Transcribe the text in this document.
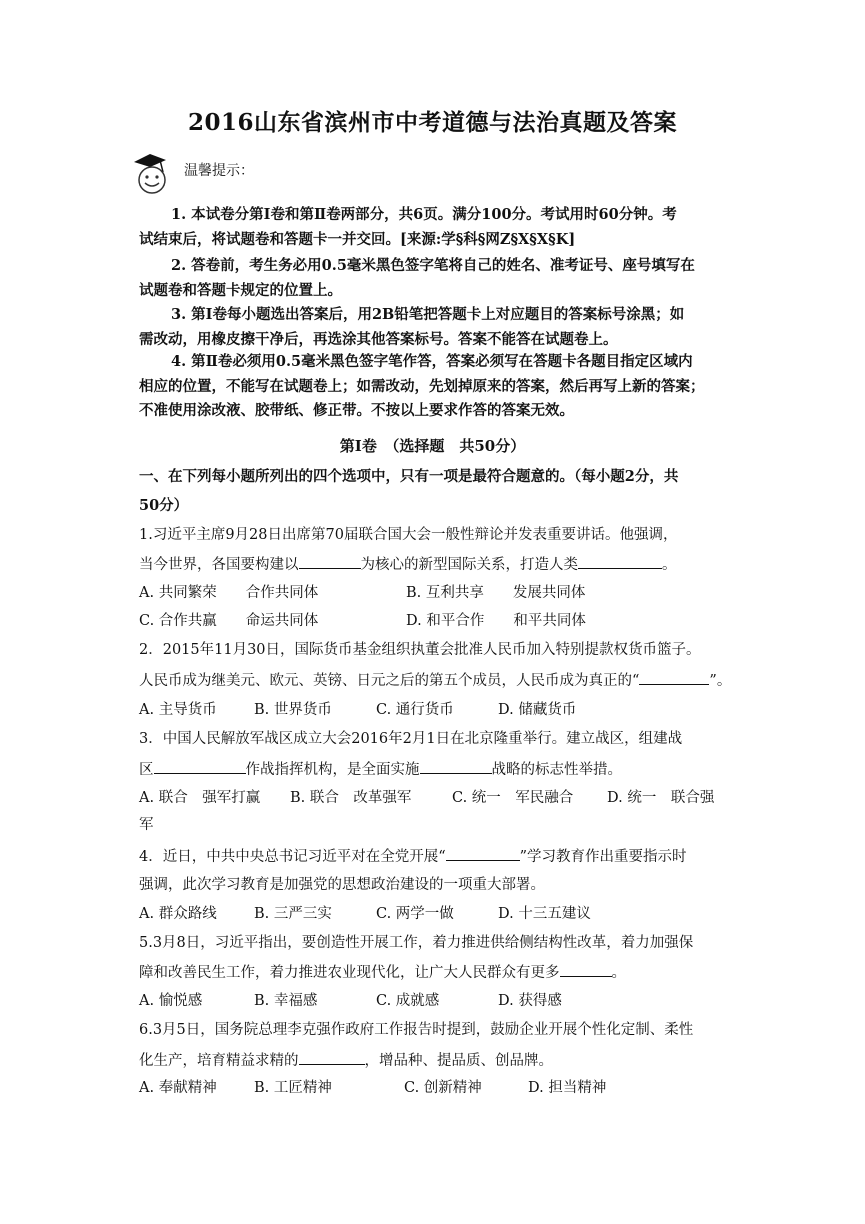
2016山东省滨州市中考道德与法治真题及答案
温馨提示：
1. 本试卷分第Ⅰ卷和第Ⅱ卷两部分，共6页。满分100分。考试用时60分钟。考
试结束后，将试题卷和答题卡一并交回。[来源:学§科§网Z§X§X§K]
2. 答卷前，考生务必用0.5毫米黑色签字笔将自己的姓名、准考证号、座号填写在
试题卷和答题卡规定的位置上。
3. 第Ⅰ卷每小题选出答案后，用2B铅笔把答题卡上对应题目的答案标号涂黑；如
需改动，用橡皮擦干净后，再选涂其他答案标号。答案不能答在试题卷上。
4. 第Ⅱ卷必须用0.5毫米黑色签字笔作答，答案必须写在答题卡各题目指定区域内
相应的位置，不能写在试题卷上；如需改动，先划掉原来的答案，然后再写上新的答案；
不准使用涂改液、胶带纸、修正带。不按以上要求作答的答案无效。
第Ⅰ卷　（选择题　共50分）
一、在下列每小题所列出的四个选项中，只有一项是最符合题意的。（每小题2分，共
50分）
1.习近平主席9月28日出席第70届联合国大会一般性辩论并发表重要讲话。他强调，
当今世界，各国要构建以	为核心的新型国际关系，打造人类	。
A. 共同繁荣　　合作共同体	B. 互利共享　　发展共同体
C. 合作共赢　　命运共同体	D. 和平合作　　和平共同体
2．2015年11月30日，国际货币基金组织执董会批准人民币加入特别提款权货币篮子。
人民币成为继美元、欧元、英镑、日元之后的第五个成员，人民币成为真正的“	”。
A. 主导货币	B. 世界货币	C. 通行货币	D. 储藏货币
3．中国人民解放军战区成立大会2016年2月1日在北京隆重举行。建立战区，组建战
区	作战指挥机构，是全面实施	战略的标志性举措。
A. 联合　强军打赢 B. 联合　改革强军	C. 统一　军民融合 D. 统一　联合强
军
4．近日，中共中央总书记习近平对在全党开展“	”学习教育作出重要指示时
强调，此次学习教育是加强党的思想政治建设的一项重大部署。
A. 群众路线	B. 三严三实	C. 两学一做	D. 十三五建议
5.3月8日，习近平指出，要创造性开展工作，着力推进供给侧结构性改革，着力加强保
障和改善民生工作，着力推进农业现代化，让广大人民群众有更多	。
A. 愉悦感	B. 幸福感	C. 成就感	D. 获得感
6.3月5日，国务院总理李克强作政府工作报告时提到，鼓励企业开展个性化定制、柔性
化生产，培育精益求精的	，增品种、提品质、创品牌。
A. 奉献精神	B. 工匠精神	C. 创新精神	D. 担当精神
